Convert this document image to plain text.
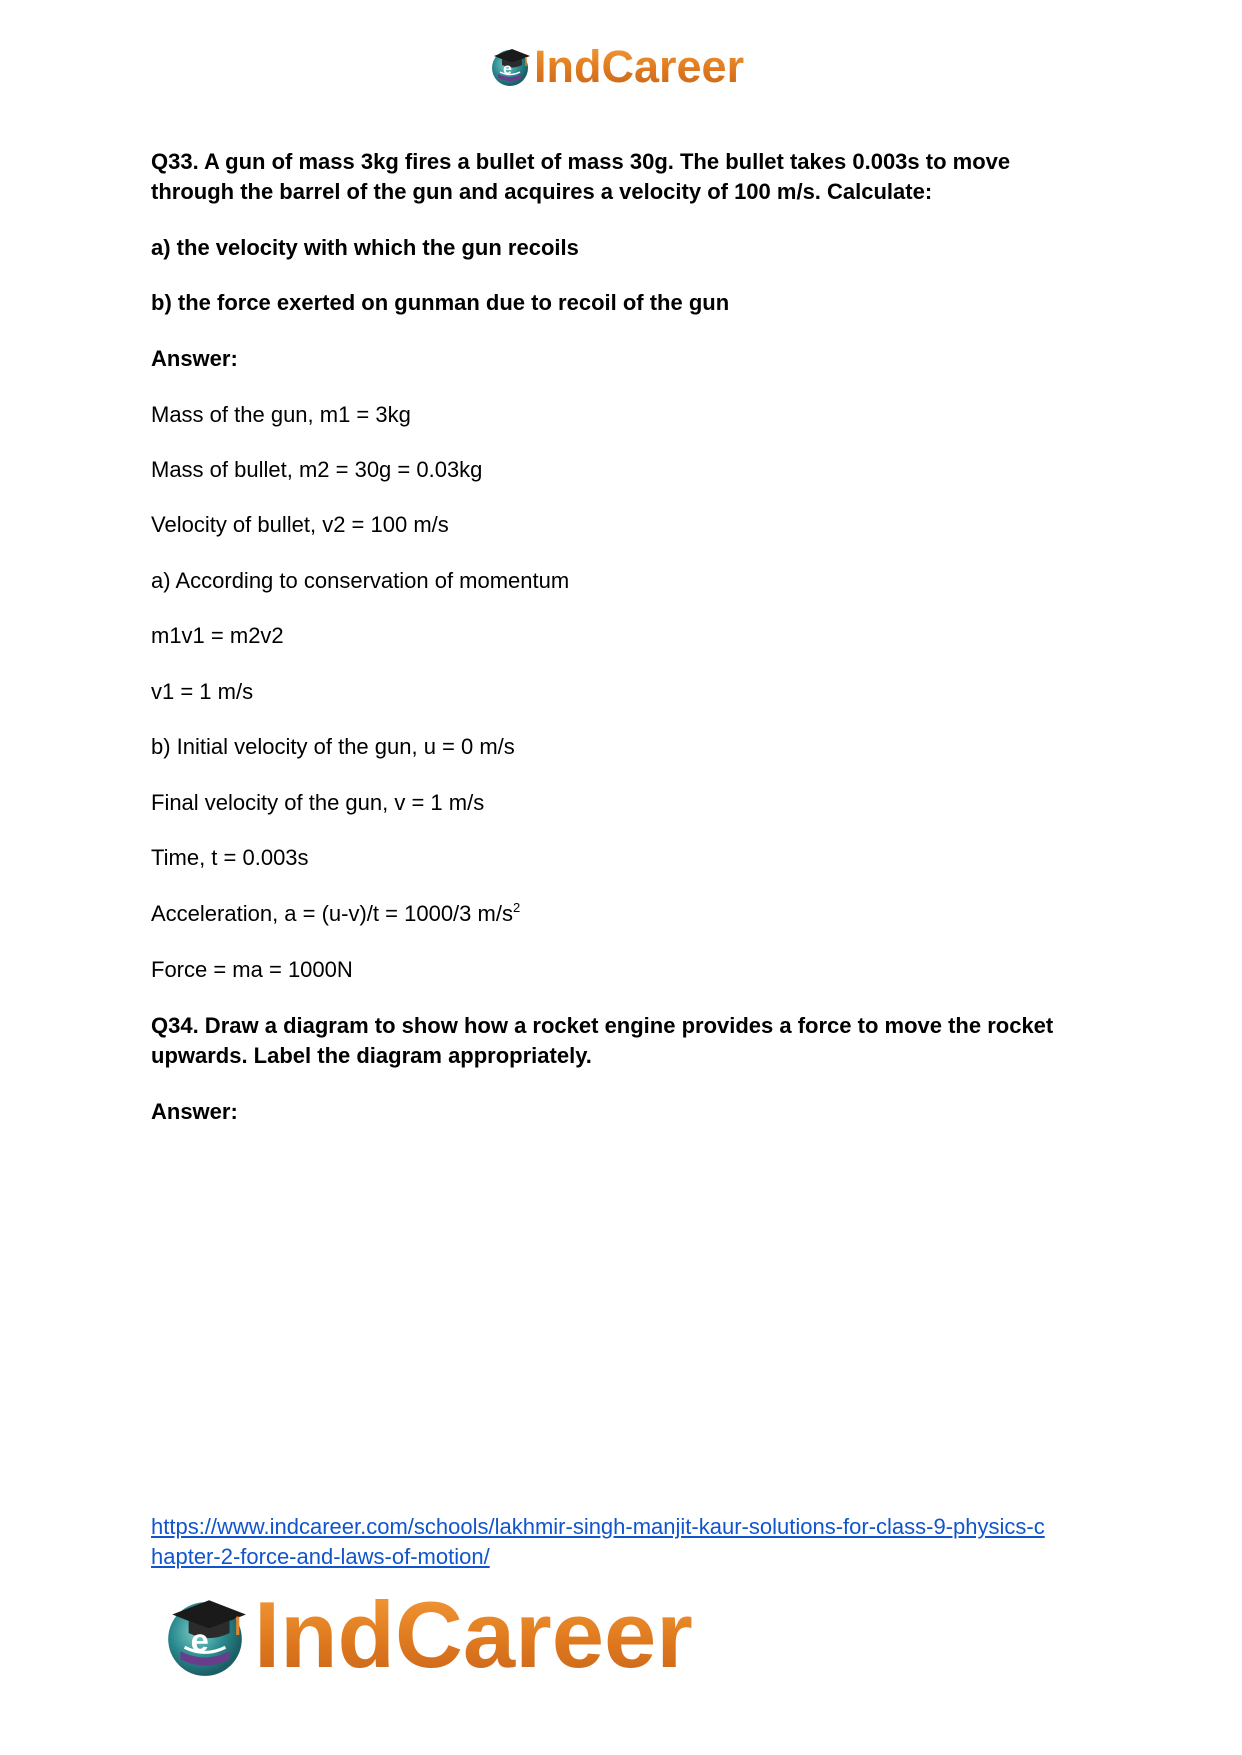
e IndCareer
Q33. A gun of mass 3kg fires a bullet of mass 30g. The bullet takes 0.003s to move
through the barrel of the gun and acquires a velocity of 100 m/s. Calculate:
a) the velocity with which the gun recoils
b) the force exerted on gunman due to recoil of the gun
Answer:
Mass of the gun, m1 = 3kg
Mass of bullet, m2 = 30g = 0.03kg
Velocity of bullet, v2 = 100 m/s
a) According to conservation of momentum
m1v1 = m2v2
v1 = 1 m/s
b) Initial velocity of the gun, u = 0 m/s
Final velocity of the gun, v = 1 m/s
Time, t = 0.003s
Acceleration, a = (u-v)/t = 1000/3 $m/s^2$
Force = ma = 1000N
Q34. Draw a diagram to show how a rocket engine provides a force to move the rocket
upwards. Label the diagram appropriately.
Answer:
https://www.indcareer.com/schools/lakhmir-singh-manjit-kaur-solutions-for-class-9-physics-c
hapter-2-force-and-laws-of-motion/
e IndCareer
